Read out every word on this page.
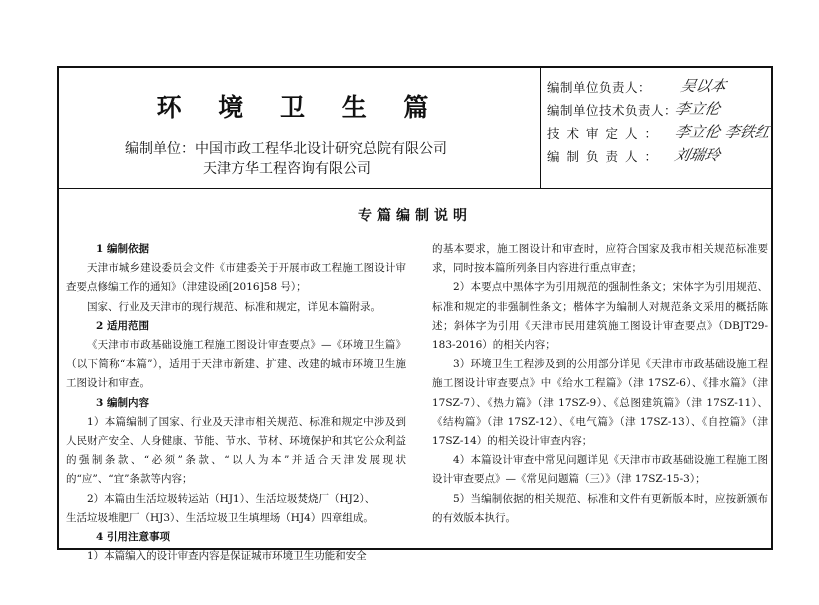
环 境 卫 生 篇
编制单位：中国市政工程华北设计研究总院有限公司
天津方华工程咨询有限公司
编制单位负责人： 吴以本
编制单位技术负责人：
李立伦
技术审定人： 李立伦 李铁红
编制负责人： 刘瑞玲
专篇编制说明

1 编制依据

天津市城乡建设委员会文件《市建委关于开展市政工程施工图设计审查要点修编工作的通知》（津建设函[2016]58 号）；

国家、行业及天津市的现行规范、标准和规定，详见本篇附录。

2 适用范围

《天津市市政基础设施工程施工图设计审查要点》—《环境卫生篇》（以下简称“本篇”），适用于天津市新建、扩建、改建的城市环境卫生施工图设计和审查。

3 编制内容

1）本篇编制了国家、行业及天津市相关规范、标准和规定中涉及到人民财产安全、人身健康、节能、节水、节材、环境保护和其它公众利益的强制条款、“必须”条款、“以人为本”并适合天津发展现状的“应”、“宜”条款等内容；

2）本篇由生活垃圾转运站（HJ1）、生活垃圾焚烧厂（HJ2）、

生活垃圾堆肥厂（HJ3）、生活垃圾卫生填埋场（HJ4）四章组成。

4 引用注意事项

1）本篇编入的设计审查内容是保证城市环境卫生功能和安全

的基本要求，施工图设计和审查时，应符合国家及我市相关规范标准要求，同时按本篇所列条目内容进行重点审查；

2）本要点中黑体字为引用规范的强制性条文；宋体字为引用规范、标准和规定的非强制性条文；楷体字为编制人对规范条文采用的概括陈述；斜体字为引用《天津市民用建筑施工图设计审查要点》（DBJT29-183-2016）的相关内容；

3）环境卫生工程涉及到的公用部分详见《天津市市政基础设施工程施工图设计审查要点》中《给水工程篇》（津 17SZ-6）、《排水篇》（津 17SZ-7）、《热力篇》（津 17SZ-9）、《总图建筑篇》（津 17SZ-11）、《结构篇》（津 17SZ-12）、《电气篇》（津 17SZ-13）、《自控篇》（津 17SZ-14）的相关设计审查内容；

4）本篇设计审查中常见问题详见《天津市市政基础设施工程施工图设计审查要点》—《常见问题篇（三）》（津 17SZ-15-3）；

5）当编制依据的相关规范、标准和文件有更新版本时，应按新颁布的有效版本执行。
